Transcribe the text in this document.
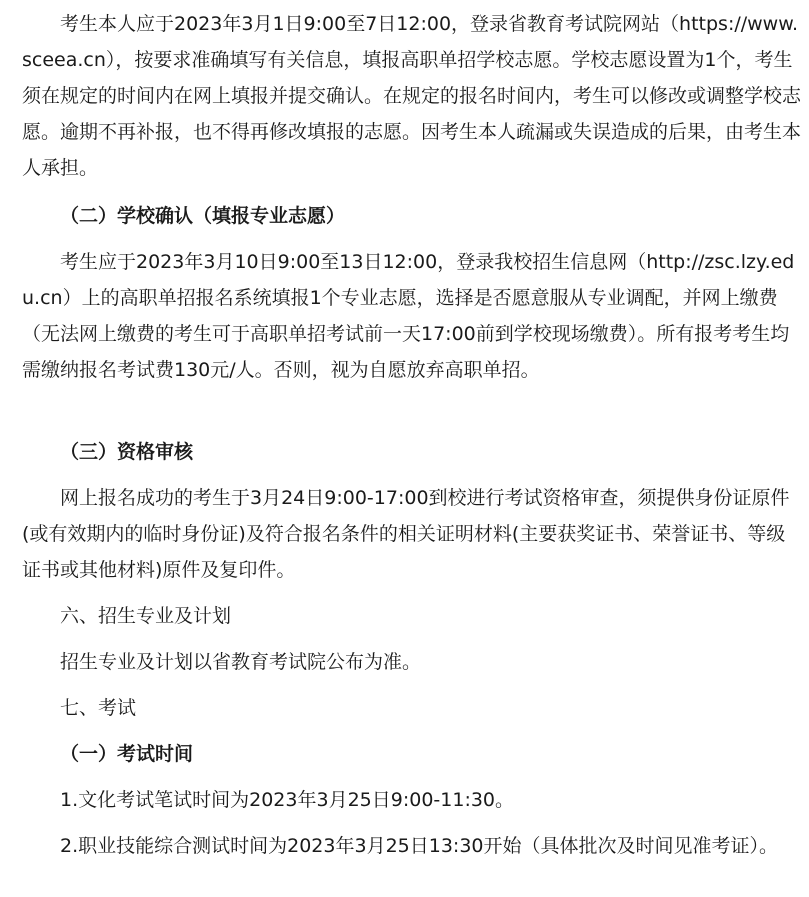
考生本人应于2023年3月1日9:00至7日12:00，登录省教育考试院网站（https://www.sceea.cn），按要求准确填写有关信息，填报高职单招学校志愿。学校志愿设置为1个，考生须在规定的时间内在网上填报并提交确认。在规定的报名时间内，考生可以修改或调整学校志愿。逾期不再补报，也不得再修改填报的志愿。因考生本人疏漏或失误造成的后果，由考生本人承担。

（二）学校确认（填报专业志愿）

考生应于2023年3月10日9:00至13日12:00，登录我校招生信息网（http://zsc.lzy.edu.cn）上的高职单招报名系统填报1个专业志愿，选择是否愿意服从专业调配，并网上缴费（无法网上缴费的考生可于高职单招考试前一天17:00前到学校现场缴费）。所有报考考生均需缴纳报名考试费130元/人。否则，视为自愿放弃高职单招。

（三）资格审核

网上报名成功的考生于3月24日9:00-17:00到校进行考试资格审查，须提供身份证原件(或有效期内的临时身份证)及符合报名条件的相关证明材料(主要获奖证书、荣誉证书、等级证书或其他材料)原件及复印件。

六、招生专业及计划

招生专业及计划以省教育考试院公布为准。

七、考试

（一）考试时间

1.文化考试笔试时间为2023年3月25日9:00-11:30。

2.职业技能综合测试时间为2023年3月25日13:30开始（具体批次及时间见准考证）。
